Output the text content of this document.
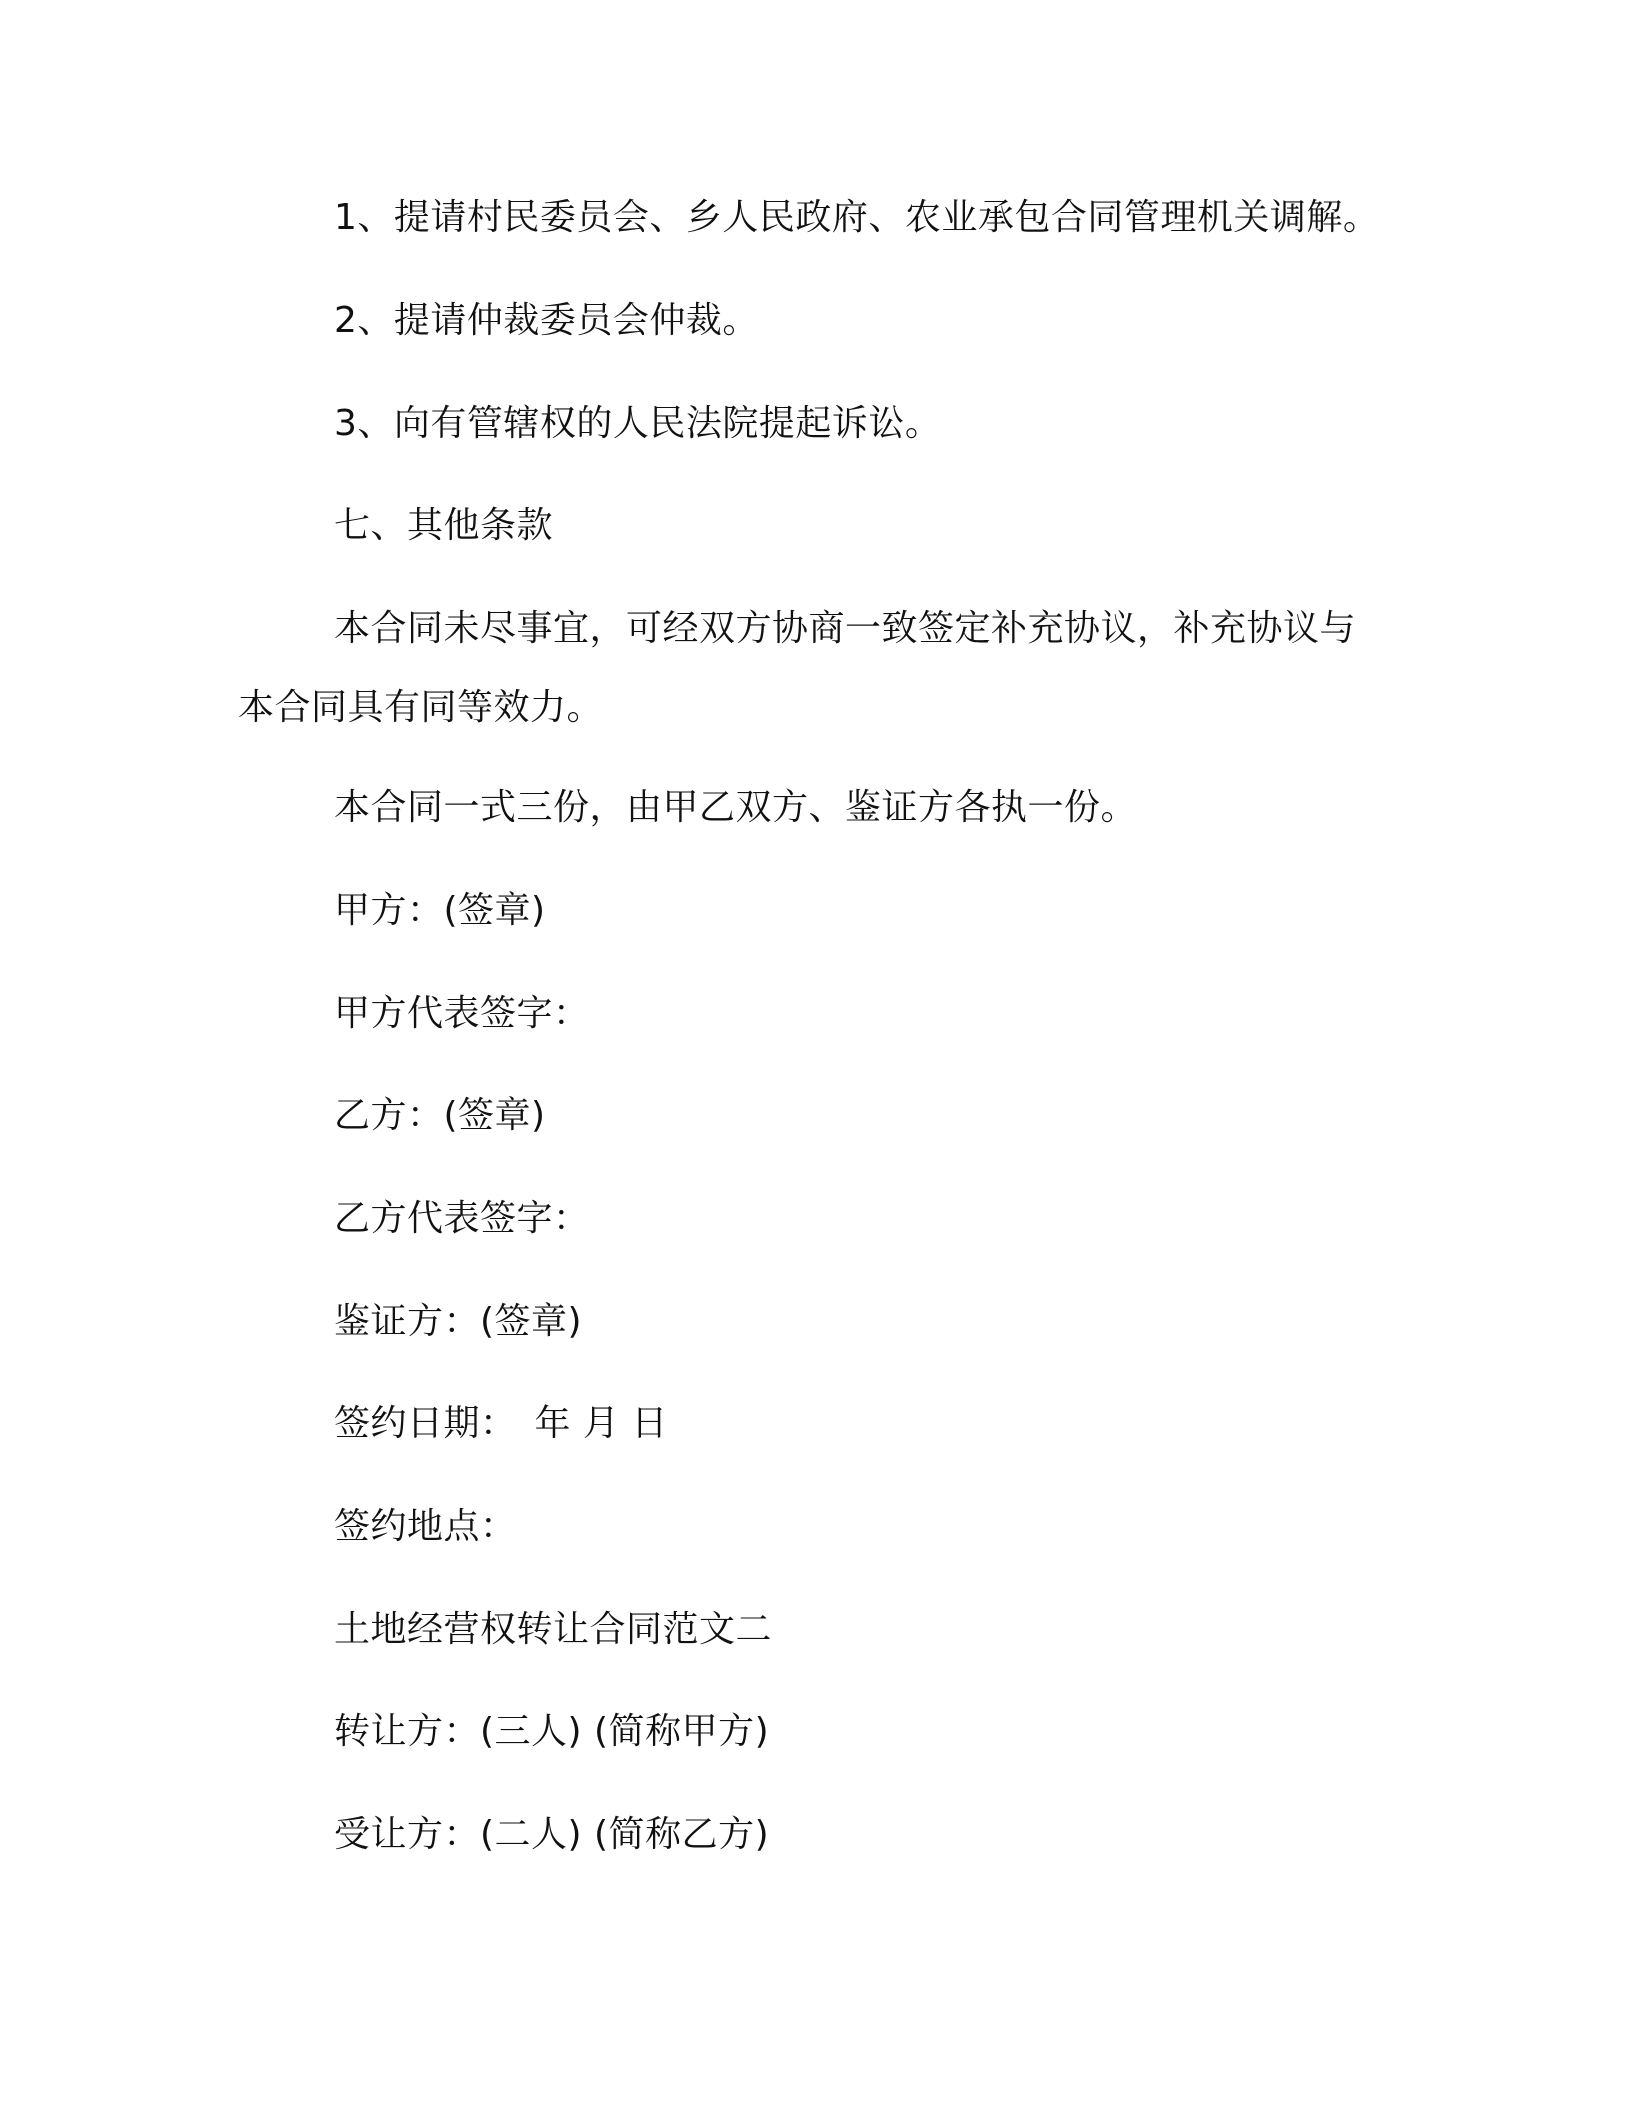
1、提请村民委员会、乡人民政府、农业承包合同管理机关调解。
2、提请仲裁委员会仲裁。
3、向有管辖权的人民法院提起诉讼。
七、其他条款
本合同未尽事宜，可经双方协商一致签定补充协议，补充协议与
本合同具有同等效力。
本合同一式三份，由甲乙双方、鉴证方各执一份。
甲方：(签章)
甲方代表签字：
乙方：(签章)
乙方代表签字：
鉴证方：(签章)
签约日期： 年 月 日
签约地点：
土地经营权转让合同范文二
转让方：(三人) (简称甲方)
受让方：(二人) (简称乙方)
